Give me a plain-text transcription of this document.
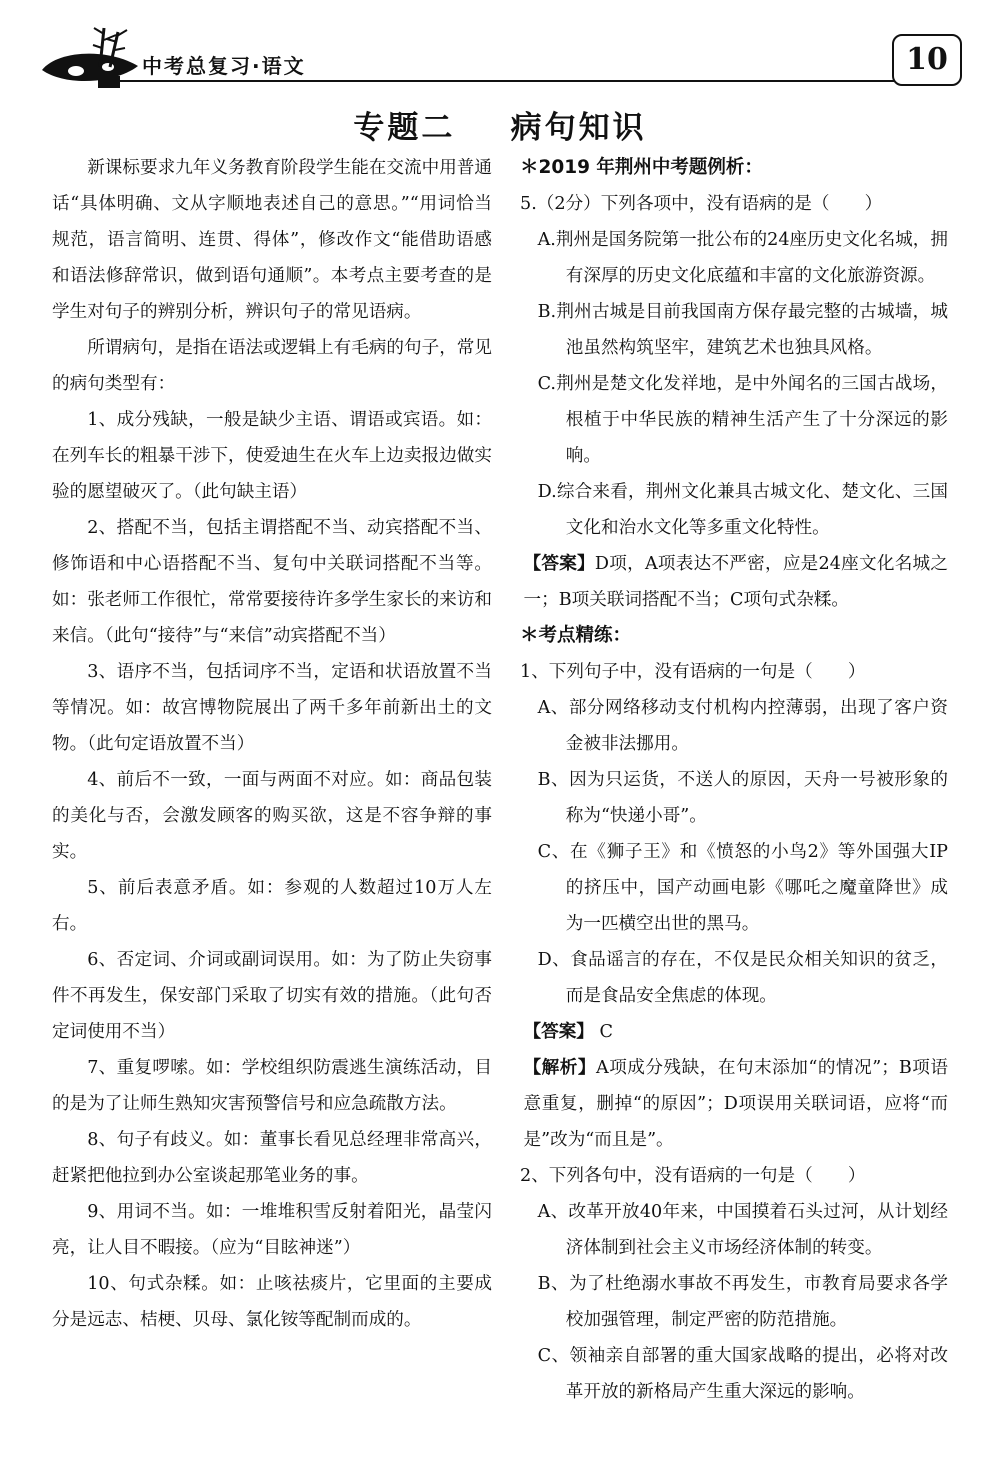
中考总复习·语文	10
专题二    病句知识

新课标要求九年义务教育阶段学生能在交流中用普通话“具体明确、文从字顺地表述自己的意思。”“用词恰当规范，语言简明、连贯、得体”，修改作文“能借助语感和语法修辞常识，做到语句通顺”。本考点主要考查的是学生对句子的辨别分析，辨识句子的常见语病。

所谓病句，是指在语法或逻辑上有毛病的句子，常见的病句类型有：

1、成分残缺，一般是缺少主语、谓语或宾语。如：在列车长的粗暴干涉下，使爱迪生在火车上边卖报边做实验的愿望破灭了。（此句缺主语）

2、搭配不当，包括主谓搭配不当、动宾搭配不当、修饰语和中心语搭配不当、复句中关联词搭配不当等。如：张老师工作很忙，常常要接待许多学生家长的来访和来信。（此句“接待”与“来信”动宾搭配不当）

3、语序不当，包括词序不当，定语和状语放置不当等情况。如：故宫博物院展出了两千多年前新出土的文物。（此句定语放置不当）

4、前后不一致，一面与两面不对应。如：商品包装的美化与否，会激发顾客的购买欲，这是不容争辩的事实。

5、前后表意矛盾。如：参观的人数超过10万人左右。

6、否定词、介词或副词误用。如：为了防止失窃事件不再发生，保安部门采取了切实有效的措施。（此句否定词使用不当）

7、重复啰嗦。如：学校组织防震逃生演练活动，目的是为了让师生熟知灾害预警信号和应急疏散方法。

8、句子有歧义。如：董事长看见总经理非常高兴，赶紧把他拉到办公室谈起那笔业务的事。

9、用词不当。如：一堆堆积雪反射着阳光，晶莹闪亮，让人目不暇接。（应为“目眩神迷”）

10、句式杂糅。如：止咳祛痰片，它里面的主要成分是远志、桔梗、贝母、氯化铵等配制而成的。

＊2019 年荆州中考题例析：

5.（2分）下列各项中，没有语病的是（　　）

A.荆州是国务院第一批公布的24座历史文化名城，拥有深厚的历史文化底蕴和丰富的文化旅游资源。

B.荆州古城是目前我国南方保存最完整的古城墙，城池虽然构筑坚牢，建筑艺术也独具风格。

C.荆州是楚文化发祥地，是中外闻名的三国古战场，根植于中华民族的精神生活产生了十分深远的影响。

D.综合来看，荆州文化兼具古城文化、楚文化、三国文化和治水文化等多重文化特性。

【答案】D项，A项表达不严密，应是24座文化名城之一；B项关联词搭配不当；C项句式杂糅。

＊考点精练：

1、下列句子中，没有语病的一句是（　　）

A、部分网络移动支付机构内控薄弱，出现了客户资金被非法挪用。

B、因为只运货，不送人的原因，天舟一号被形象的称为“快递小哥”。

C、在《狮子王》和《愤怒的小鸟2》等外国强大IP的挤压中，国产动画电影《哪吒之魔童降世》成为一匹横空出世的黑马。

D、食品谣言的存在，不仅是民众相关知识的贫乏，而是食品安全焦虑的体现。

【答案】 C

【解析】A项成分残缺，在句末添加“的情况”；B项语意重复，删掉“的原因”；D项误用关联词语，应将“而是”改为“而且是”。

2、下列各句中，没有语病的一句是（　　）

A、改革开放40年来，中国摸着石头过河，从计划经济体制到社会主义市场经济体制的转变。

B、为了杜绝溺水事故不再发生，市教育局要求各学校加强管理，制定严密的防范措施。

C、领袖亲自部署的重大国家战略的提出，必将对改革开放的新格局产生重大深远的影响。
